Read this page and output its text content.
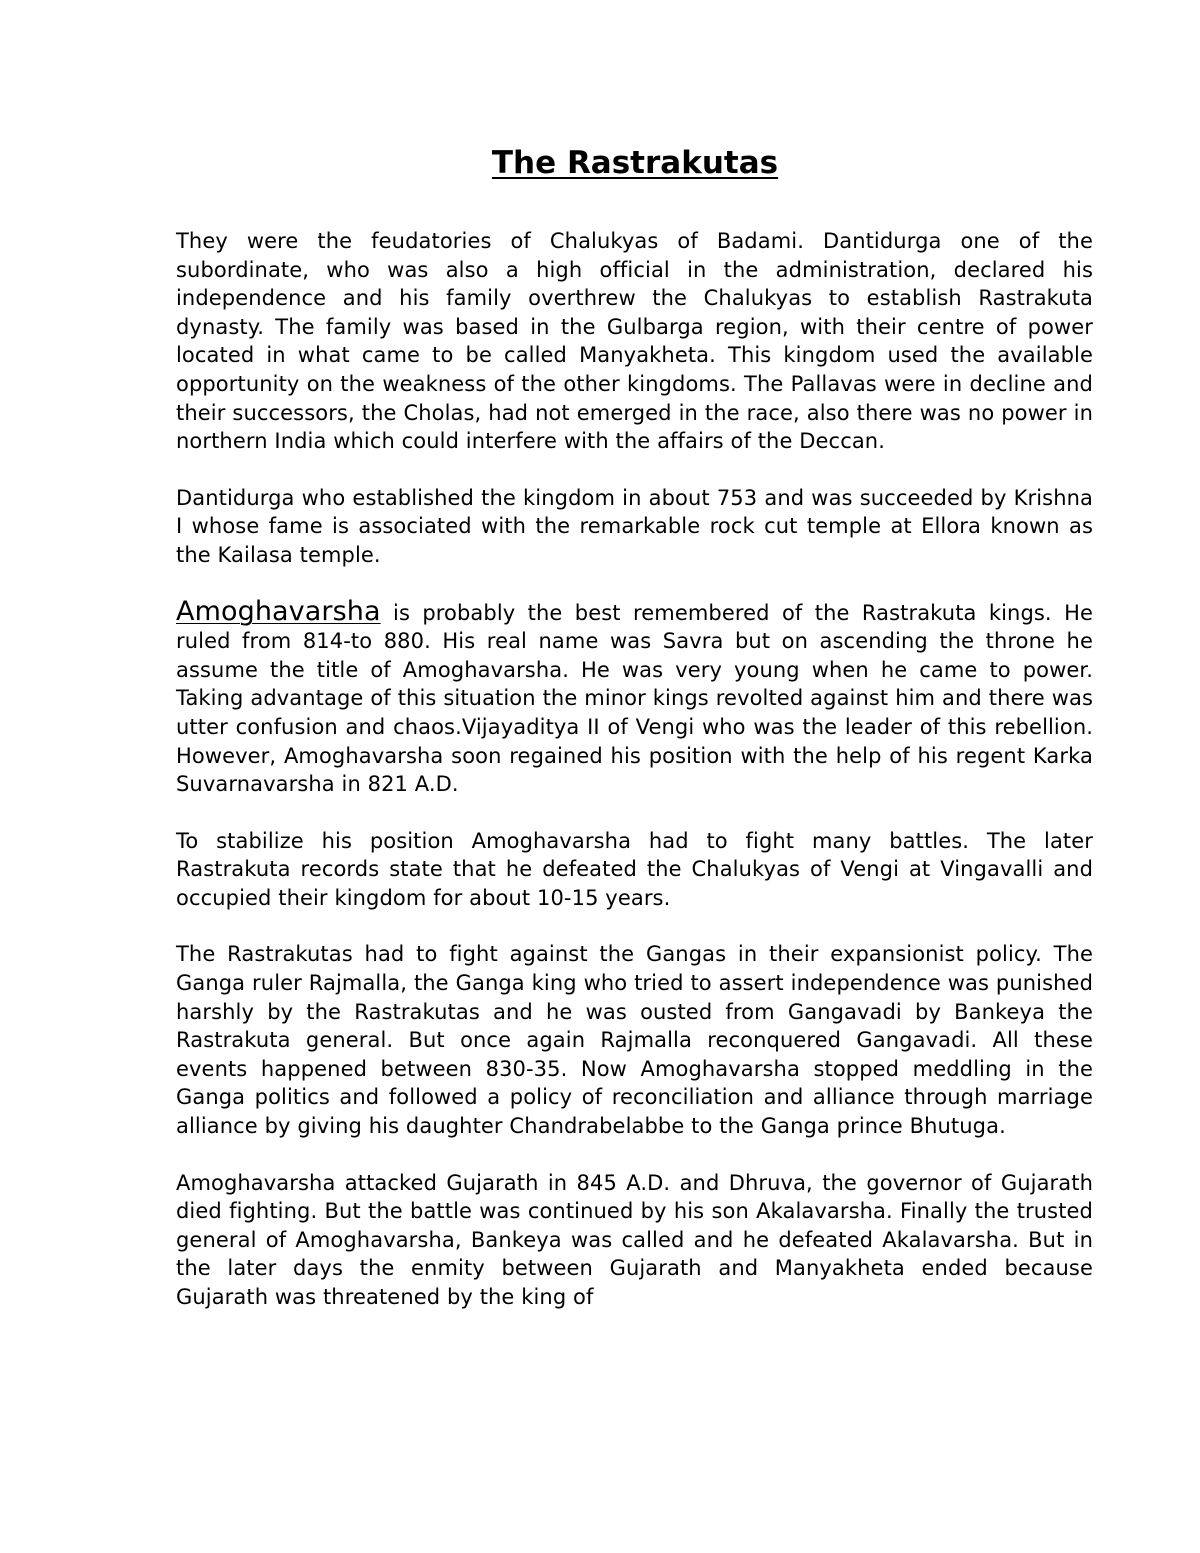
The Rastrakutas

They were the feudatories of Chalukyas of Badami. Dantidurga one of the subordinate, who was also a high official in the administration, declared his independence and his family overthrew the Chalukyas to establish Rastrakuta dynasty. The family was based in the Gulbarga region, with their centre of power located in what came to be called Manyakheta. This kingdom used the available opportunity on the weakness of the other kingdoms. The Pallavas were in decline and their successors, the Cholas, had not emerged in the race, also there was no power in northern India which could interfere with the affairs of the Deccan.

Dantidurga who established the kingdom in about 753 and was succeeded by Krishna I whose fame is associated with the remarkable rock cut temple at Ellora known as the Kailasa temple.

Amoghavarsha is probably the best remembered of the Rastrakuta kings. He ruled from 814-to 880. His real name was Savra but on ascending the throne he assume the title of Amoghavarsha. He was very young when he came to power. Taking advantage of this situation the minor kings revolted against him and there was utter confusion and chaos.Vijayaditya II of Vengi who was the leader of this rebellion. However, Amoghavarsha soon regained his position with the help of his regent Karka Suvarnavarsha in 821 A.D.

To stabilize his position Amoghavarsha had to fight many battles. The later Rastrakuta records state that he defeated the Chalukyas of Vengi at Vingavalli and occupied their kingdom for about 10-15 years.

The Rastrakutas had to fight against the Gangas in their expansionist policy. The Ganga ruler Rajmalla, the Ganga king who tried to assert independence was punished harshly by the Rastrakutas and he was ousted from Gangavadi by Bankeya the Rastrakuta general. But once again Rajmalla reconquered Gangavadi. All these events happened between 830-35. Now Amoghavarsha stopped meddling in the Ganga politics and followed a policy of reconciliation and alliance through marriage alliance by giving his daughter Chandrabelabbe to the Ganga prince Bhutuga.

Amoghavarsha attacked Gujarath in 845 A.D. and Dhruva, the governor of Gujarath died fighting. But the battle was continued by his son Akalavarsha. Finally the trusted general of Amoghavarsha, Bankeya was called and he defeated Akalavarsha. But in the later days the enmity between Gujarath and Manyakheta ended because Gujarath was threatened by the king of
